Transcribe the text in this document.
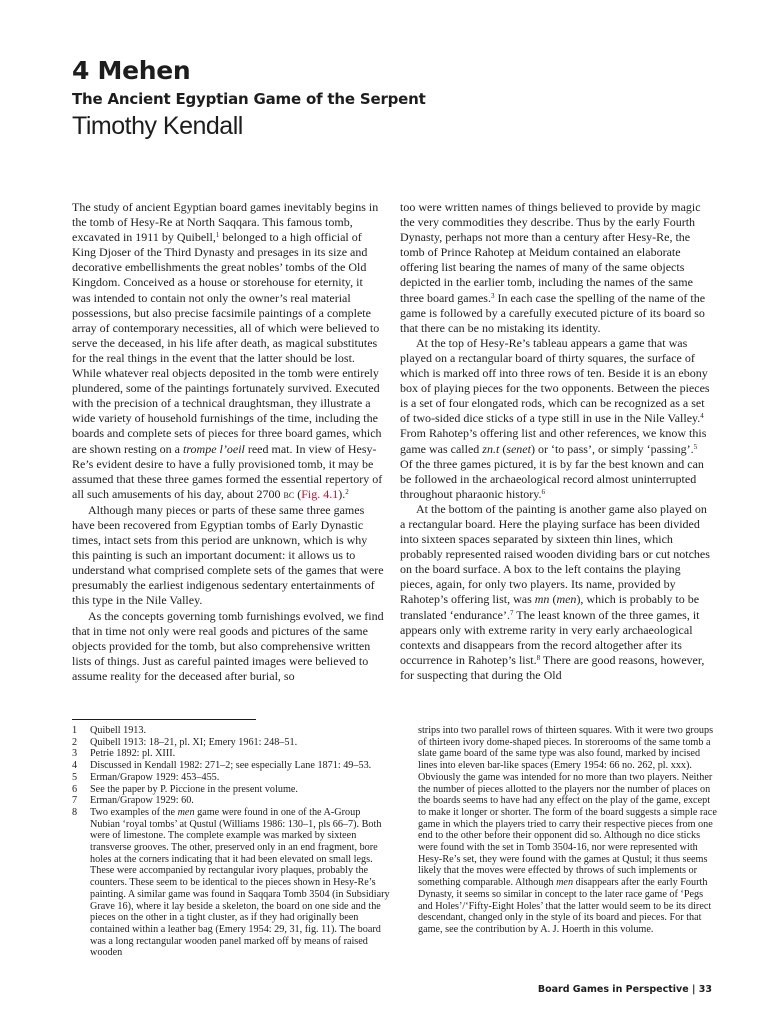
4 Mehen
The Ancient Egyptian Game of the Serpent
Timothy Kendall

The study of ancient Egyptian board games inevitably begins in the tomb of Hesy-Re at North Saqqara. This famous tomb, excavated in 1911 by Quibell,$^1$ belonged to a high official of King Djoser of the Third Dynasty and presages in its size and decorative embellishments the great nobles’ tombs of the Old Kingdom. Conceived as a house or storehouse for eternity, it was intended to contain not only the owner’s real material possessions, but also precise facsimile paintings of a complete array of contemporary necessities, all of which were believed to serve the deceased, in his life after death, as magical substitutes for the real things in the event that the latter should be lost. While whatever real objects deposited in the tomb were entirely plundered, some of the paintings fortunately survived. Executed with the precision of a technical draughtsman, they illustrate a wide variety of household furnishings of the time, including the boards and complete sets of pieces for three board games, which are shown resting on a trompe l’oeil reed mat. In view of Hesy-Re’s evident desire to have a fully provisioned tomb, it may be assumed that these three games formed the essential repertory of all such amusements of his day, about 2700 bc (Fig. 4.1).$^2$

Although many pieces or parts of these same three games have been recovered from Egyptian tombs of Early Dynastic times, intact sets from this period are unknown, which is why this painting is such an important document: it allows us to understand what comprised complete sets of the games that were presumably the earliest indigenous sedentary entertainments of this type in the Nile Valley.

As the concepts governing tomb furnishings evolved, we find that in time not only were real goods and pictures of the same objects provided for the tomb, but also comprehensive written lists of things. Just as careful painted images were believed to assume reality for the deceased after burial, so

too were written names of things believed to provide by magic the very commodities they describe. Thus by the early Fourth Dynasty, perhaps not more than a century after Hesy-Re, the tomb of Prince Rahotep at Meidum contained an elaborate offering list bearing the names of many of the same objects depicted in the earlier tomb, including the names of the same three board games.$^3$ In each case the spelling of the name of the game is followed by a carefully executed picture of its board so that there can be no mistaking its identity.

At the top of Hesy-Re’s tableau appears a game that was played on a rectangular board of thirty squares, the surface of which is marked off into three rows of ten. Beside it is an ebony box of playing pieces for the two opponents. Between the pieces is a set of four elongated rods, which can be recognized as a set of two-sided dice sticks of a type still in use in the Nile Valley.$^4$ From Rahotep’s offering list and other references, we know this game was called zn.t (senet) or ‘to pass’, or simply ‘passing’.$^5$ Of the three games pictured, it is by far the best known and can be followed in the archaeological record almost uninterrupted throughout pharaonic history.$^6$

At the bottom of the painting is another game also played on a rectangular board. Here the playing surface has been divided into sixteen spaces separated by sixteen thin lines, which probably represented raised wooden dividing bars or cut notches on the board surface. A box to the left contains the playing pieces, again, for only two players. Its name, provided by Rahotep’s offering list, was mn (men), which is probably to be translated ‘endurance’.$^7$ The least known of the three games, it appears only with extreme rarity in very early archaeological contexts and disappears from the record altogether after its occurrence in Rahotep’s list.$^8$ There are good reasons, however, for suspecting that during the Old

1	Quibell 1913.
2	Quibell 1913: 18–21, pl. XI; Emery 1961: 248–51.
3	Petrie 1892: pl. XIII.
4	Discussed in Kendall 1982: 271–2; see especially Lane 1871: 49–53.
5	Erman/Grapow 1929: 453–455.
6	See the paper by P. Piccione in the present volume.
7	Erman/Grapow 1929: 60.
8	Two examples of the men game were found in one of the A-Group Nubian ‘royal tombs’ at Qustul (Williams 1986: 130–1, pls 66–7). Both were of limestone. The complete example was marked by sixteen transverse grooves. The other, preserved only in an end fragment, bore holes at the corners indicating that it had been elevated on small legs. These were accompanied by rectangular ivory plaques, probably the counters. These seem to be identical to the pieces shown in Hesy-Re’s painting. A similar game was found in Saqqara Tomb 3504 (in Subsidiary Grave 16), where it lay beside a skeleton, the board on one side and the pieces on the other in a tight cluster, as if they had originally been contained within a leather bag (Emery 1954: 29, 31, fig. 11). The board was a long rectangular wooden panel marked off by means of raised wooden

strips into two parallel rows of thirteen squares. With it were two groups of thirteen ivory dome-shaped pieces. In storerooms of the same tomb a slate game board of the same type was also found, marked by incised lines into eleven bar-like spaces (Emery 1954: 66 no. 262, pl. xxx). Obviously the game was intended for no more than two players. Neither the number of pieces allotted to the players nor the number of places on the boards seems to have had any effect on the play of the game, except to make it longer or shorter. The form of the board suggests a simple race game in which the players tried to carry their respective pieces from one end to the other before their opponent did so. Although no dice sticks were found with the set in Tomb 3504-16, nor were represented with Hesy-Re’s set, they were found with the games at Qustul; it thus seems likely that the moves were effected by throws of such implements or something comparable. Although men disappears after the early Fourth Dynasty, it seems so similar in concept to the later race game of ‘Pegs and Holes’/‘Fifty-Eight Holes’ that the latter would seem to be its direct descendant, changed only in the style of its board and pieces. For that game, see the contribution by A. J. Hoerth in this volume.

Board Games in Perspective | 33
